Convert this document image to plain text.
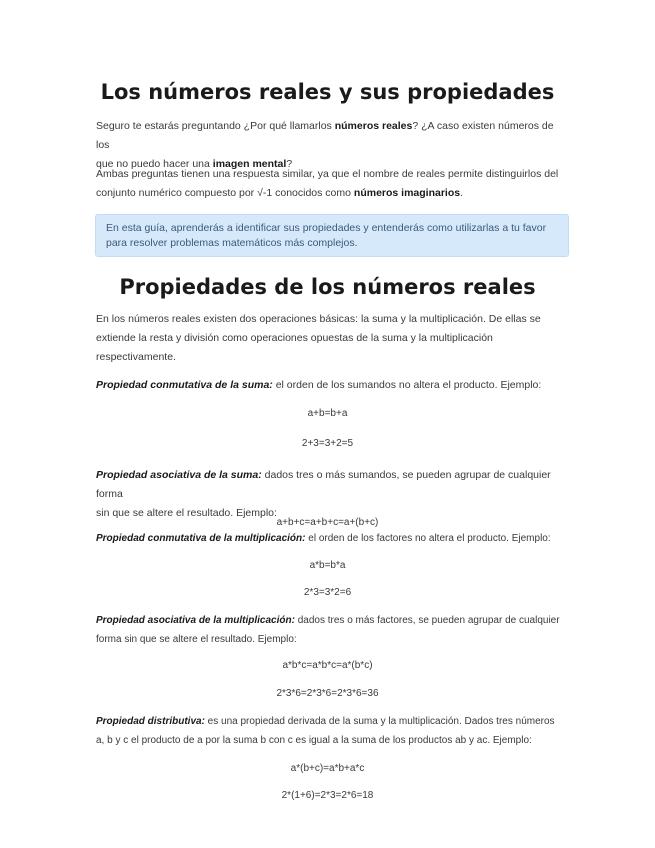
Los números reales y sus propiedades

Seguro te estarás preguntando ¿Por qué llamarlos números reales? ¿A caso existen números de los
que no puedo hacer una imagen mental?

Ambas preguntas tienen una respuesta similar, ya que el nombre de reales permite distinguirlos del
conjunto numérico compuesto por √-1 conocidos como números imaginarios.

En esta guía, aprenderás a identificar sus propiedades y entenderás como utilizarlas a tu favor
para resolver problemas matemáticos más complejos.
Propiedades de los números reales

En los números reales existen dos operaciones básicas: la suma y la multiplicación. De ellas se
extiende la resta y división como operaciones opuestas de la suma y la multiplicación
respectivamente.

Propiedad conmutativa de la suma: el orden de los sumandos no altera el producto. Ejemplo:

a+b=b+a
2+3=3+2=5

Propiedad asociativa de la suma: dados tres o más sumandos, se pueden agrupar de cualquier forma
sin que se altere el resultado. Ejemplo:

a+b+c=a+b+c=a+(b+c)

Propiedad conmutativa de la multiplicación: el orden de los factores no altera el producto. Ejemplo:

a*b=b*a
2*3=3*2=6

Propiedad asociativa de la multiplicación: dados tres o más factores, se pueden agrupar de cualquier
forma sin que se altere el resultado. Ejemplo:

a*b*c=a*b*c=a*(b*c)
2*3*6=2*3*6=2*3*6=36

Propiedad distributiva: es una propiedad derivada de la suma y la multiplicación. Dados tres números
a, b y c el producto de a por la suma b con c es igual a la suma de los productos ab y ac. Ejemplo:

a*(b+c)=a*b+a*c
2*(1+6)=2*3=2*6=18
